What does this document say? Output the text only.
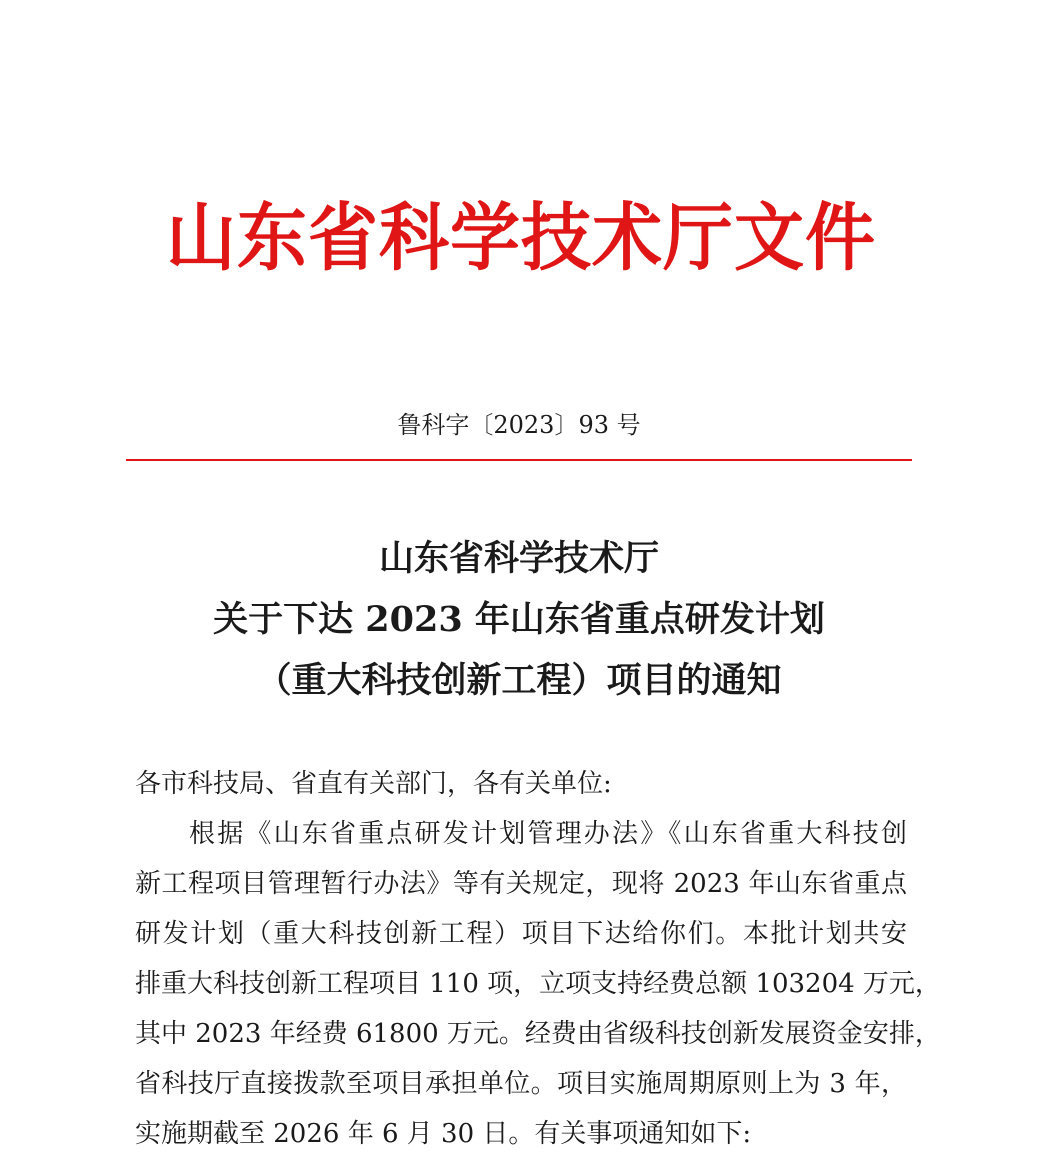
山东省科学技术厅文件
鲁科字〔2023〕93 号
山东省科学技术厅
关于下达 2023 年山东省重点研发计划
（重大科技创新工程）项目的通知
各市科技局、省直有关部门，各有关单位:
根据《山东省重点研发计划管理办法》《山东省重大科技创
新工程项目管理暂行办法》等有关规定，现将 2023 年山东省重点
研发计划（重大科技创新工程）项目下达给你们。本批计划共安
排重大科技创新工程项目 110 项，立项支持经费总额 103204 万元，
其中 2023 年经费 61800 万元。经费由省级科技创新发展资金安排，
省科技厅直接拨款至项目承担单位。项目实施周期原则上为 3 年，
实施期截至 2026 年 6 月 30 日。有关事项通知如下:
